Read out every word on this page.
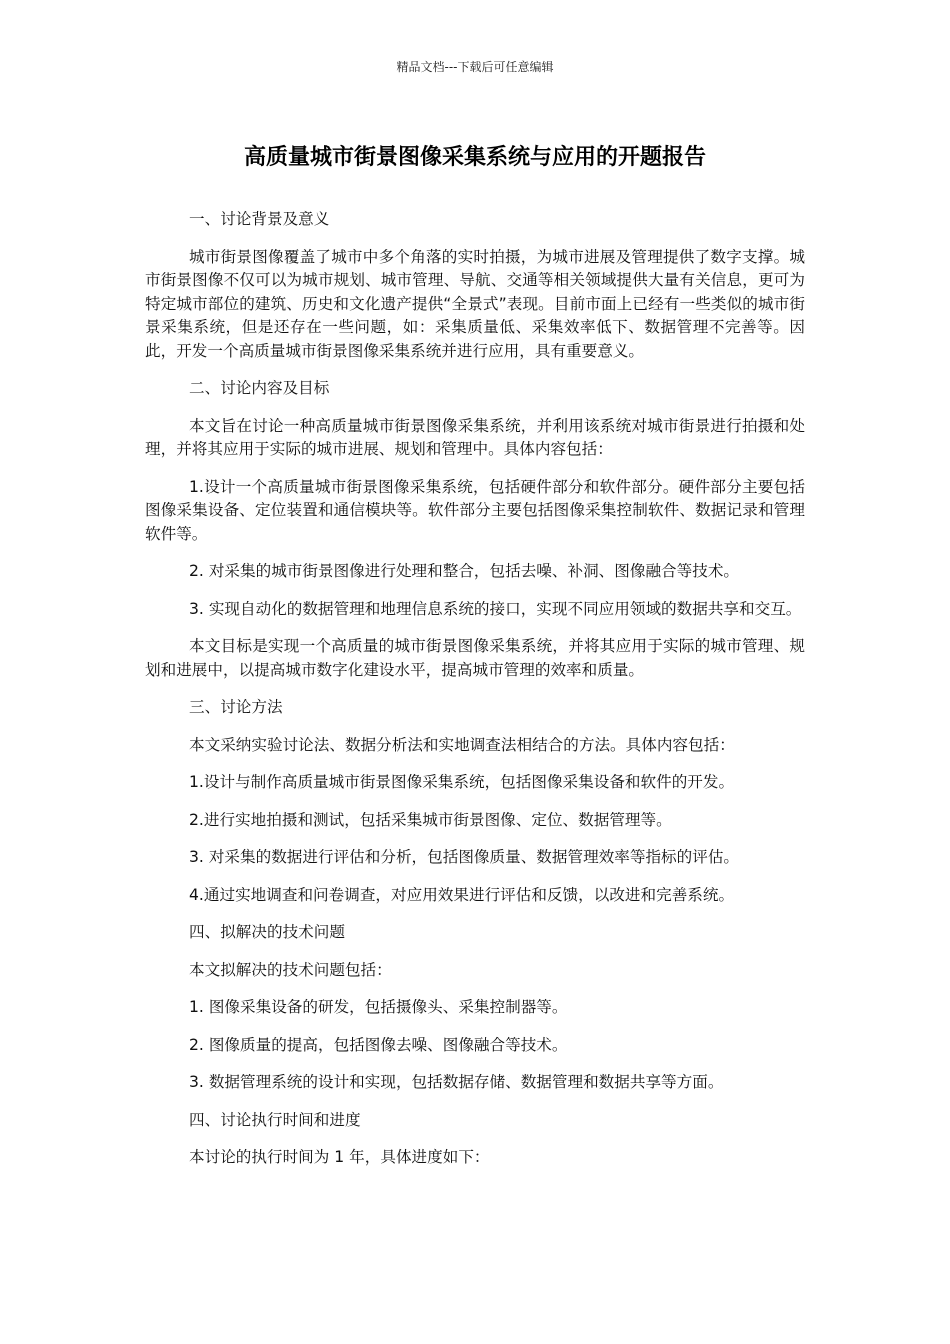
精品文档---下载后可任意编辑
高质量城市街景图像采集系统与应用的开题报告

一、讨论背景及意义

城市街景图像覆盖了城市中多个角落的实时拍摄，为城市进展及管理提供了数字支撑。城市街景图像不仅可以为城市规划、城市管理、导航、交通等相关领域提供大量有关信息，更可为特定城市部位的建筑、历史和文化遗产提供“全景式”表现。目前市面上已经有一些类似的城市街景采集系统，但是还存在一些问题，如：采集质量低、采集效率低下、数据管理不完善等。因此，开发一个高质量城市街景图像采集系统并进行应用，具有重要意义。

二、讨论内容及目标

本文旨在讨论一种高质量城市街景图像采集系统，并利用该系统对城市街景进行拍摄和处理，并将其应用于实际的城市进展、规划和管理中。具体内容包括：

1.设计一个高质量城市街景图像采集系统，包括硬件部分和软件部分。硬件部分主要包括图像采集设备、定位装置和通信模块等。软件部分主要包括图像采集控制软件、数据记录和管理软件等。

2. 对采集的城市街景图像进行处理和整合，包括去噪、补洞、图像融合等技术。

3. 实现自动化的数据管理和地理信息系统的接口，实现不同应用领域的数据共享和交互。

本文目标是实现一个高质量的城市街景图像采集系统，并将其应用于实际的城市管理、规划和进展中，以提高城市数字化建设水平，提高城市管理的效率和质量。

三、讨论方法

本文采纳实验讨论法、数据分析法和实地调查法相结合的方法。具体内容包括：

1.设计与制作高质量城市街景图像采集系统，包括图像采集设备和软件的开发。

2.进行实地拍摄和测试，包括采集城市街景图像、定位、数据管理等。

3. 对采集的数据进行评估和分析，包括图像质量、数据管理效率等指标的评估。

4.通过实地调查和问卷调查，对应用效果进行评估和反馈，以改进和完善系统。

四、拟解决的技术问题

本文拟解决的技术问题包括：

1. 图像采集设备的研发，包括摄像头、采集控制器等。

2. 图像质量的提高，包括图像去噪、图像融合等技术。

3. 数据管理系统的设计和实现，包括数据存储、数据管理和数据共享等方面。

四、讨论执行时间和进度

本讨论的执行时间为 1 年，具体进度如下：
